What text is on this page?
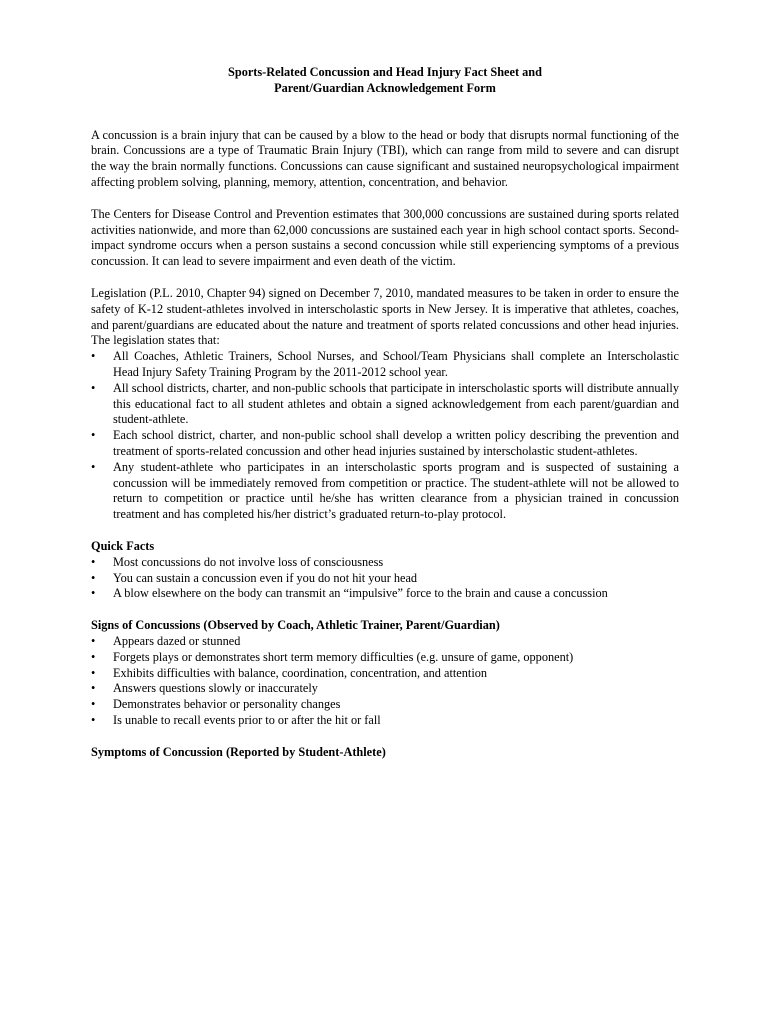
Sports-Related Concussion and Head Injury Fact Sheet and
Parent/Guardian Acknowledgement Form

A concussion is a brain injury that can be caused by a blow to the head or body that disrupts normal functioning of the brain. Concussions are a type of Traumatic Brain Injury (TBI), which can range from mild to severe and can disrupt the way the brain normally functions. Concussions can cause significant and sustained neuropsychological impairment affecting problem solving, planning, memory, attention, concentration, and behavior.

The Centers for Disease Control and Prevention estimates that 300,000 concussions are sustained during sports related activities nationwide, and more than 62,000 concussions are sustained each year in high school contact sports. Second-impact syndrome occurs when a person sustains a second concussion while still experiencing symptoms of a previous concussion. It can lead to severe impairment and even death of the victim.

Legislation (P.L. 2010, Chapter 94) signed on December 7, 2010, mandated measures to be taken in order to ensure the safety of K-12 student-athletes involved in interscholastic sports in New Jersey. It is imperative that athletes, coaches, and parent/guardians are educated about the nature and treatment of sports related concussions and other head injuries. The legislation states that:

• All Coaches, Athletic Trainers, School Nurses, and School/Team Physicians shall complete an Interscholastic Head Injury Safety Training Program by the 2011-2012 school year.
• All school districts, charter, and non-public schools that participate in interscholastic sports will distribute annually this educational fact to all student athletes and obtain a signed acknowledgement from each parent/guardian and student-athlete.
• Each school district, charter, and non-public school shall develop a written policy describing the prevention and treatment of sports-related concussion and other head injuries sustained by interscholastic student-athletes.
• Any student-athlete who participates in an interscholastic sports program and is suspected of sustaining a concussion will be immediately removed from competition or practice. The student-athlete will not be allowed to return to competition or practice until he/she has written clearance from a physician trained in concussion treatment and has completed his/her district’s graduated return-to-play protocol.
Quick Facts
• Most concussions do not involve loss of consciousness
• You can sustain a concussion even if you do not hit your head
• A blow elsewhere on the body can transmit an “impulsive” force to the brain and cause a concussion
Signs of Concussions (Observed by Coach, Athletic Trainer, Parent/Guardian)
• Appears dazed or stunned
• Forgets plays or demonstrates short term memory difficulties (e.g. unsure of game, opponent)
• Exhibits difficulties with balance, coordination, concentration, and attention
• Answers questions slowly or inaccurately
• Demonstrates behavior or personality changes
• Is unable to recall events prior to or after the hit or fall
Symptoms of Concussion (Reported by Student-Athlete)
